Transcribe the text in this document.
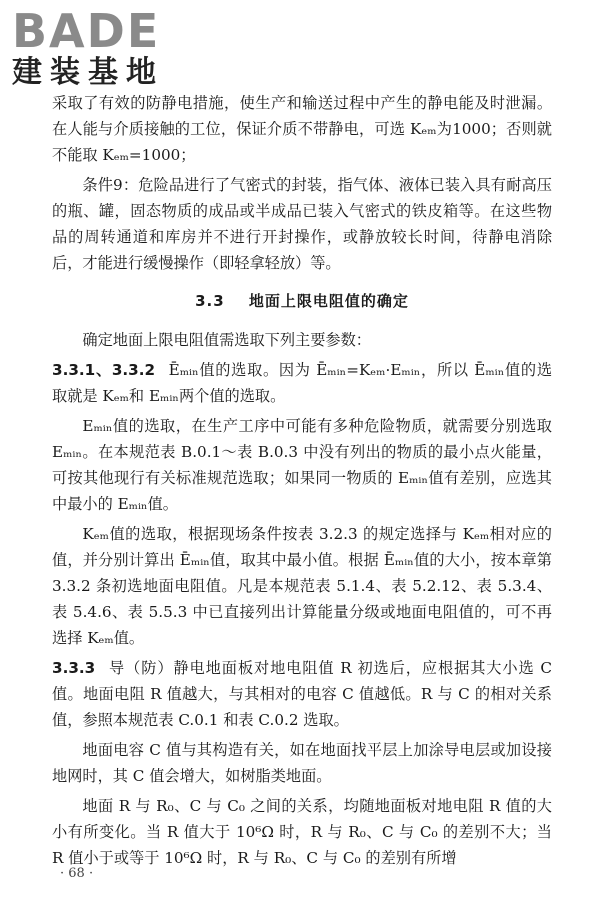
BADE
建装基地

采取了有效的防静电措施，使生产和输送过程中产生的静电能及时泄漏。在人能与介质接触的工位，保证介质不带静电，可选 Kₑₘ为1000；否则就不能取 Kₑₘ=1000；

条件9：危险品进行了气密式的封装，指气体、液体已装入具有耐高压的瓶、罐，固态物质的成品或半成品已装入气密式的铁皮箱等。在这些物品的周转通道和库房并不进行开封操作，或静放较长时间，待静电消除后，才能进行缓慢操作（即轻拿轻放）等。

3.3 地面上限电阻值的确定

确定地面上限电阻值需选取下列主要参数：

3.3.1、3.3.2 Ēₘᵢₙ值的选取。因为 Ēₘᵢₙ=Kₑₘ·Eₘᵢₙ，所以 Ēₘᵢₙ值的选取就是 Kₑₘ和 Eₘᵢₙ两个值的选取。

Eₘᵢₙ值的选取，在生产工序中可能有多种危险物质，就需要分别选取 Eₘᵢₙ。在本规范表 B.0.1～表 B.0.3 中没有列出的物质的最小点火能量，可按其他现行有关标准规范选取；如果同一物质的 Eₘᵢₙ值有差别，应选其中最小的 Eₘᵢₙ值。

Kₑₘ值的选取，根据现场条件按表 3.2.3 的规定选择与 Kₑₘ相对应的值，并分别计算出 Ēₘᵢₙ值，取其中最小值。根据 Ēₘᵢₙ值的大小，按本章第 3.3.2 条初选地面电阻值。凡是本规范表 5.1.4、表 5.2.12、表 5.3.4、表 5.4.6、表 5.5.3 中已直接列出计算能量分级或地面电阻值的，可不再选择 Kₑₘ值。

3.3.3 导（防）静电地面板对地电阻值 R 初选后，应根据其大小选 C 值。地面电阻 R 值越大，与其相对的电容 C 值越低。R 与 C 的相对关系值，参照本规范表 C.0.1 和表 C.0.2 选取。

地面电容 C 值与其构造有关，如在地面找平层上加涂导电层或加设接地网时，其 C 值会增大，如树脂类地面。

地面 R 与 R₀、C 与 C₀ 之间的关系，均随地面板对地电阻 R 值的大小有所变化。当 R 值大于 10⁶Ω 时，R 与 R₀、C 与 C₀ 的差别不大；当 R 值小于或等于 10⁶Ω 时，R 与 R₀、C 与 C₀ 的差别有所增

· 68 ·
